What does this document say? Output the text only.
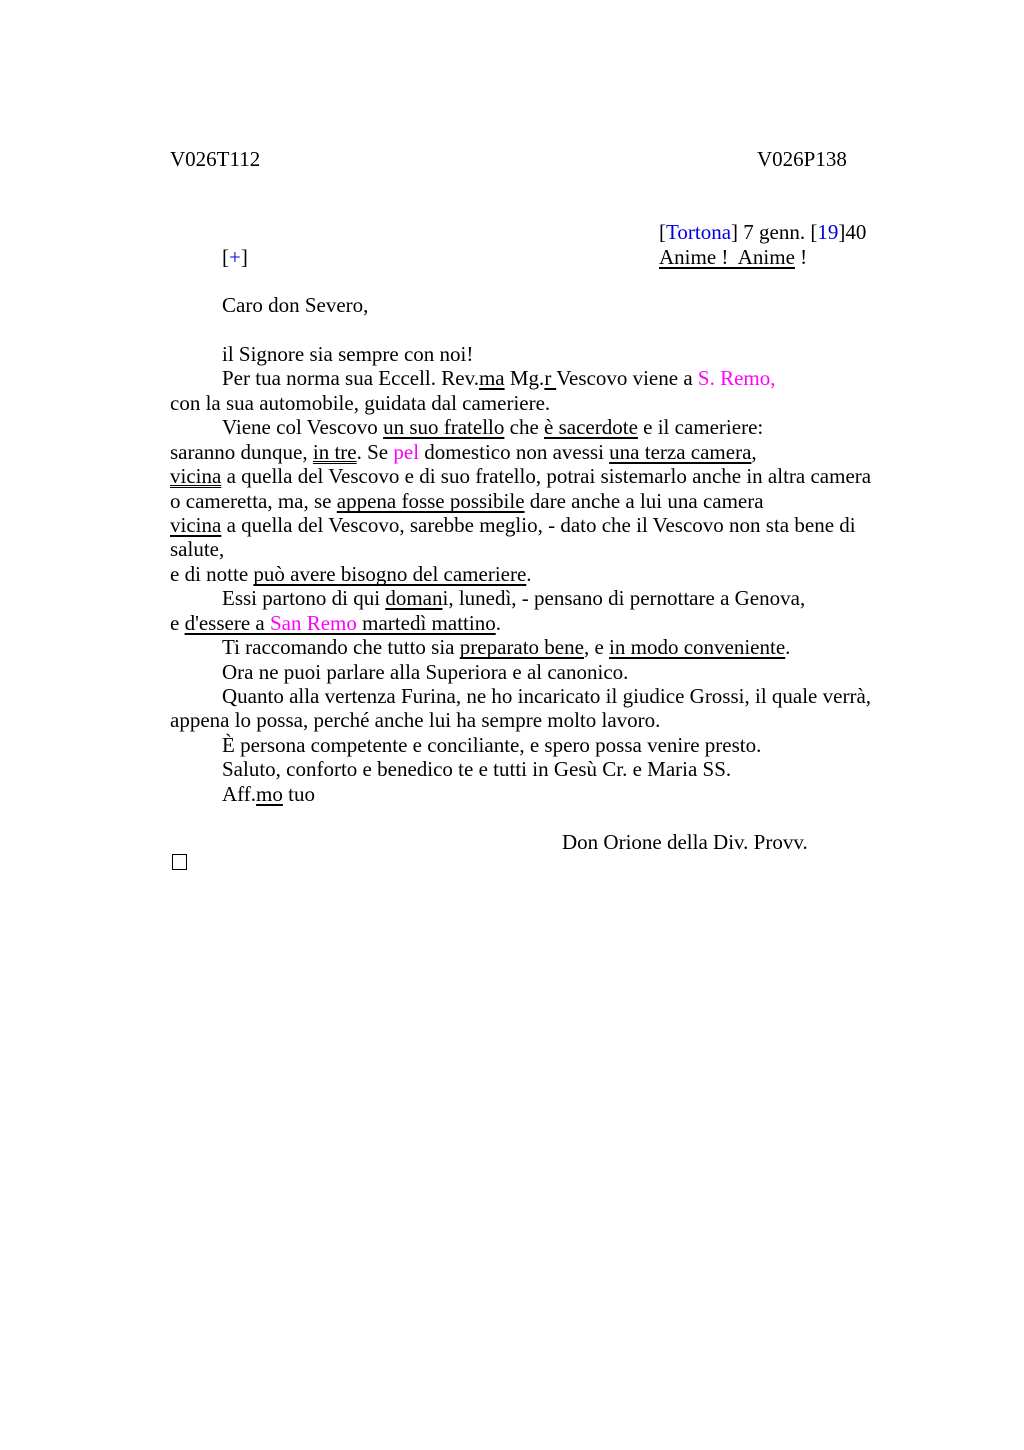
V026T112	V026P138
[Tortona] 7 genn. [19]40
[+]	Anime !  Anime !
Caro don Severo,
il Signore sia sempre con noi!
Per tua norma sua Eccell. Rev.ma Mg.r Vescovo viene a S. Remo,
con la sua automobile, guidata dal cameriere.
Viene col Vescovo un suo fratello che è sacerdote e il cameriere:
saranno dunque, in tre. Se pel domestico non avessi una terza camera,
vicina a quella del Vescovo e di suo fratello, potrai sistemarlo anche in altra camera
o cameretta, ma, se appena fosse possibile dare anche a lui una camera
vicina a quella del Vescovo, sarebbe meglio, - dato che il Vescovo non sta bene di
salute,
e di notte può avere bisogno del cameriere.
Essi partono di qui domani, lunedì, - pensano di pernottare a Genova,
e d'essere a San Remo martedì mattino.
Ti raccomando che tutto sia preparato bene, e in modo conveniente.
Ora ne puoi parlare alla Superiora e al canonico.
Quanto alla vertenza Furina, ne ho incaricato il giudice Grossi, il quale verrà,
appena lo possa, perché anche lui ha sempre molto lavoro.
È persona competente e conciliante, e spero possa venire presto.
Saluto, conforto e benedico te e tutti in Gesù Cr. e Maria SS.
Aff.mo tuo
Don Orione della Div. Provv.
